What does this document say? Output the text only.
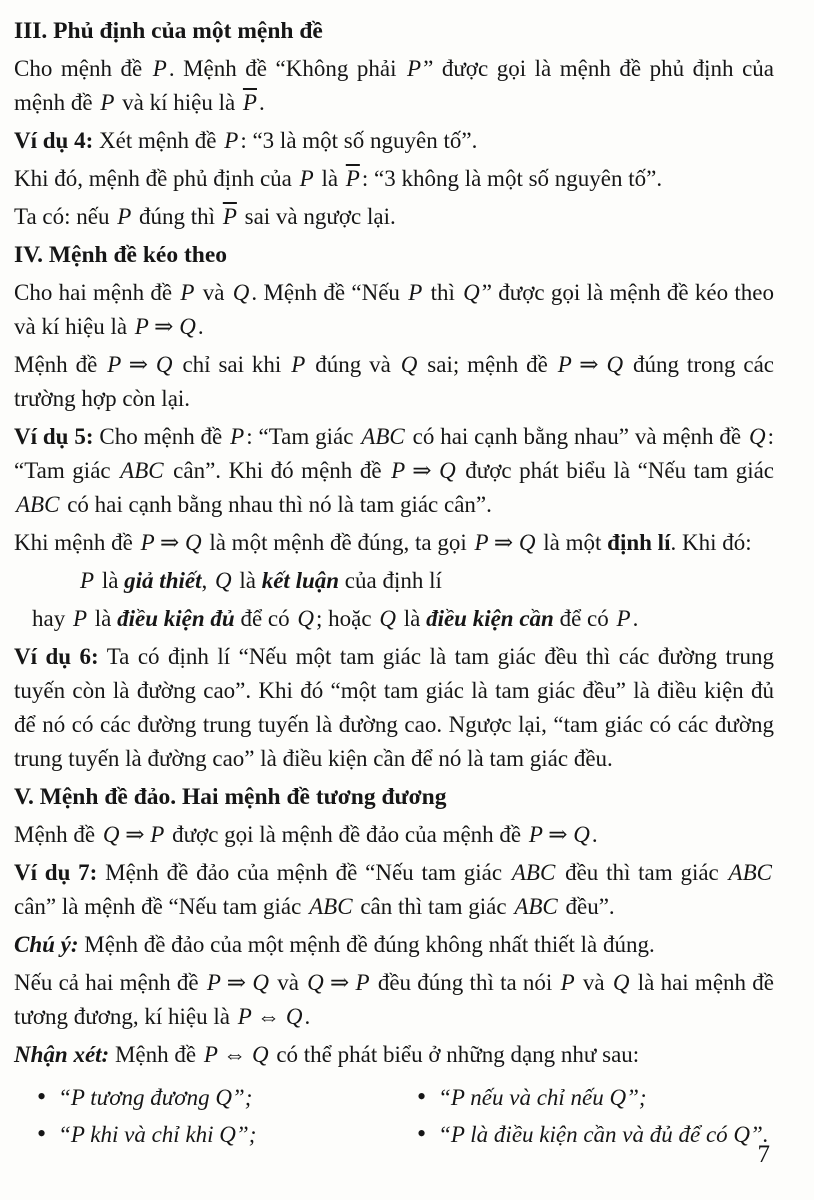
III. Phủ định của một mệnh đề

Cho mệnh đề P. Mệnh đề “Không phải P” được gọi là mệnh đề phủ định của mệnh đề P và kí hiệu là $\overline{P}$.

Ví dụ 4: Xét mệnh đề P: “3 là một số nguyên tố”.

Khi đó, mệnh đề phủ định của P là $\overline{P}$: “3 không là một số nguyên tố”.

Ta có: nếu P đúng thì $\overline{P}$ sai và ngược lại.

IV. Mệnh đề kéo theo

Cho hai mệnh đề P và Q. Mệnh đề “Nếu P thì Q” được gọi là mệnh đề kéo theo và kí hiệu là P ⇒ Q.

Mệnh đề P ⇒ Q chỉ sai khi P đúng và Q sai; mệnh đề P ⇒ Q đúng trong các trường hợp còn lại.

Ví dụ 5: Cho mệnh đề P: “Tam giác ABC có hai cạnh bằng nhau” và mệnh đề Q: “Tam giác ABC cân”. Khi đó mệnh đề P ⇒ Q được phát biểu là “Nếu tam giác ABC có hai cạnh bằng nhau thì nó là tam giác cân”.

Khi mệnh đề P ⇒ Q là một mệnh đề đúng, ta gọi P ⇒ Q là một định lí. Khi đó:

P là giả thiết, Q là kết luận của định lí

hay P là điều kiện đủ để có Q; hoặc Q là điều kiện cần để có P.

Ví dụ 6: Ta có định lí “Nếu một tam giác là tam giác đều thì các đường trung tuyến còn là đường cao”. Khi đó “một tam giác là tam giác đều” là điều kiện đủ để nó có các đường trung tuyến là đường cao. Ngược lại, “tam giác có các đường trung tuyến là đường cao” là điều kiện cần để nó là tam giác đều.

V. Mệnh đề đảo. Hai mệnh đề tương đương

Mệnh đề Q ⇒ P được gọi là mệnh đề đảo của mệnh đề P ⇒ Q.

Ví dụ 7: Mệnh đề đảo của mệnh đề “Nếu tam giác ABC đều thì tam giác ABC cân” là mệnh đề “Nếu tam giác ABC cân thì tam giác ABC đều”.

Chú ý: Mệnh đề đảo của một mệnh đề đúng không nhất thiết là đúng.

Nếu cả hai mệnh đề P ⇒ Q và Q ⇒ P đều đúng thì ta nói P và Q là hai mệnh đề tương đương, kí hiệu là P ⇔ Q.

Nhận xét: Mệnh đề P ⇔ Q có thể phát biểu ở những dạng như sau:

• “P tương đương Q”;	• “P nếu và chỉ nếu Q”;
• “P khi và chỉ khi Q”;	• “P là điều kiện cần và đủ để có Q”.
7
